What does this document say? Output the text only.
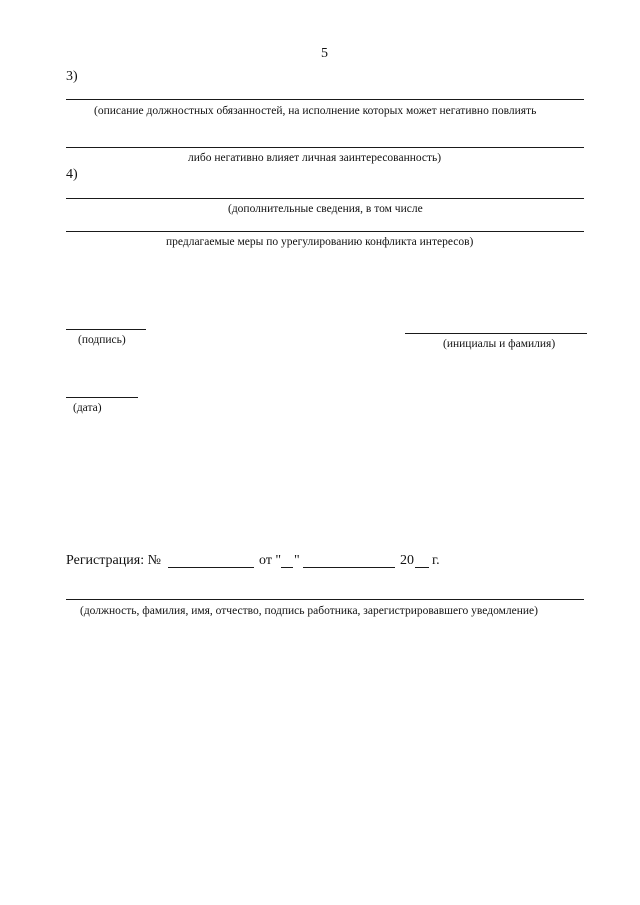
5
3)
(описание должностных обязанностей, на исполнение которых может негативно повлиять
либо негативно влияет личная заинтересованность)
4)
(дополнительные сведения, в том числе
предлагаемые меры по урегулированию конфликта интересов)
(подпись)	(инициалы и фамилия)
(дата)
Регистрация: №	от " "	20 г.
(должность, фамилия, имя, отчество, подпись работника, зарегистрировавшего уведомление)
